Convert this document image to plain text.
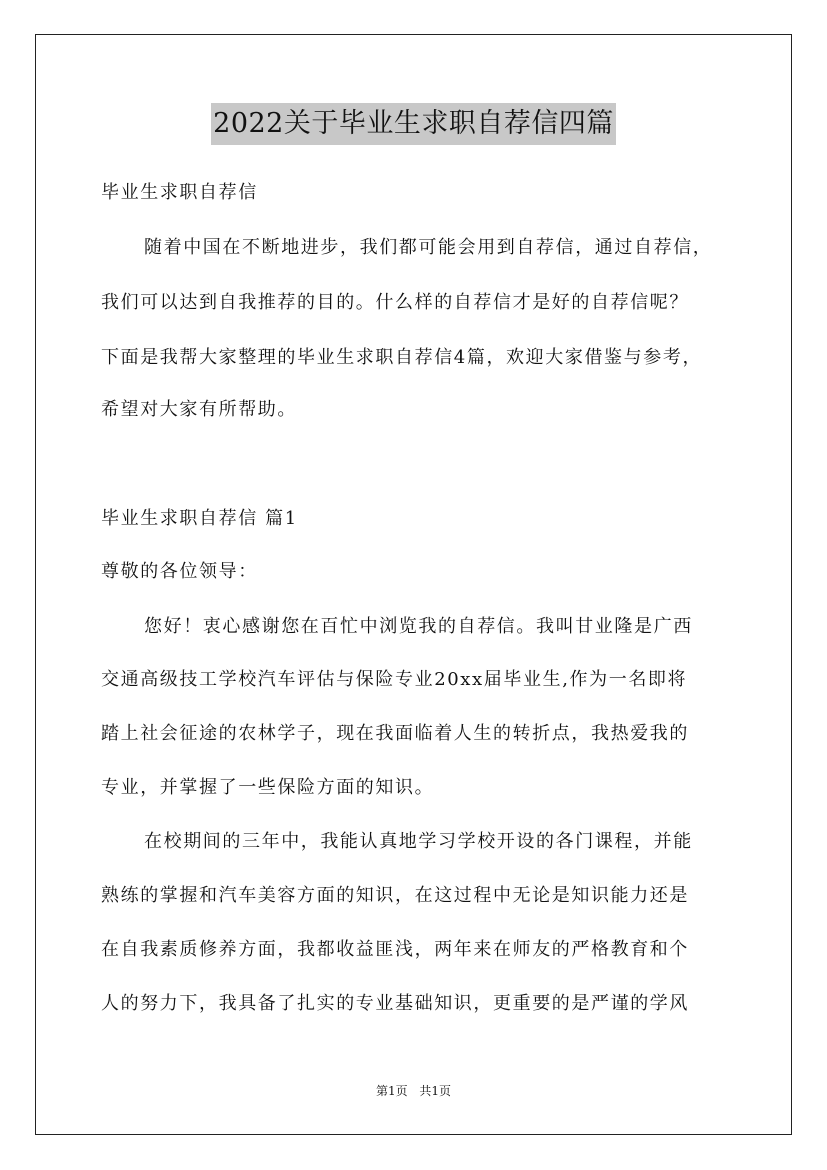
2022关于毕业生求职自荐信四篇
毕业生求职自荐信
随着中国在不断地进步，我们都可能会用到自荐信，通过自荐信，
我们可以达到自我推荐的目的。什么样的自荐信才是好的自荐信呢？
下面是我帮大家整理的毕业生求职自荐信4篇，欢迎大家借鉴与参考，
希望对大家有所帮助。
毕业生求职自荐信 篇1
尊敬的各位领导：
您好！衷心感谢您在百忙中浏览我的自荐信。我叫甘业隆是广西
交通高级技工学校汽车评估与保险专业20xx届毕业生,作为一名即将
踏上社会征途的农林学子，现在我面临着人生的转折点，我热爱我的
专业，并掌握了一些保险方面的知识。
在校期间的三年中，我能认真地学习学校开设的各门课程，并能
熟练的掌握和汽车美容方面的知识，在这过程中无论是知识能力还是
在自我素质修养方面，我都收益匪浅，两年来在师友的严格教育和个
人的努力下，我具备了扎实的专业基础知识，更重要的是严谨的学风
第1页 共1页
